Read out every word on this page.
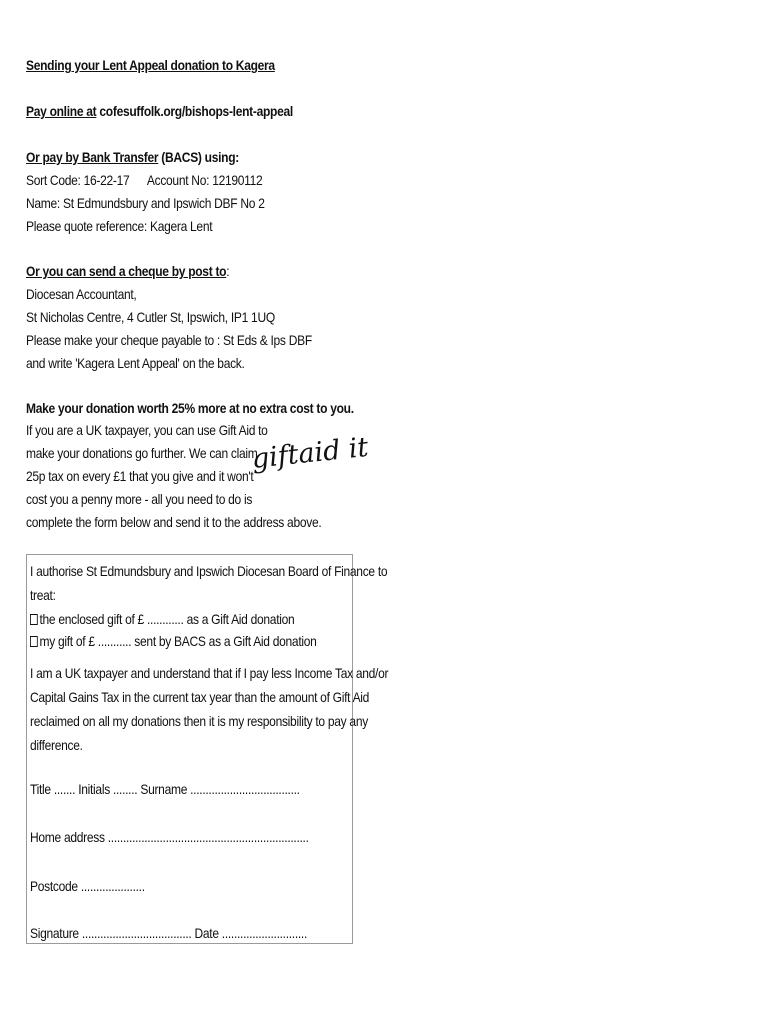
Sending your Lent Appeal donation to Kagera
Pay online at cofesuffolk.org/bishops-lent-appeal
Or pay by Bank Transfer (BACS) using:
Sort Code: 16-22-17 Account No: 12190112
Name: St Edmundsbury and Ipswich DBF No 2
Please quote reference: Kagera Lent
Or you can send a cheque by post to:
Diocesan Accountant,
St Nicholas Centre, 4 Cutler St, Ipswich, IP1 1UQ
Please make your cheque payable to : St Eds & Ips DBF
and write 'Kagera Lent Appeal' on the back.
Make your donation worth 25% more at no extra cost to you.
If you are a UK taxpayer, you can use Gift Aid to
make your donations go further. We can claim
25p tax on every £1 that you give and it won't
cost you a penny more - all you need to do is
complete the form below and send it to the address above.
giftaid it
I authorise St Edmundsbury and Ipswich Diocesan Board of Finance to
treat:
the enclosed gift of £ ............ as a Gift Aid donation
my gift of £ ........... sent by BACS as a Gift Aid donation
I am a UK taxpayer and understand that if I pay less Income Tax and/or
Capital Gains Tax in the current tax year than the amount of Gift Aid
reclaimed on all my donations then it is my responsibility to pay any
difference.
Title ....... Initials ........ Surname ....................................
Home address ..................................................................
Postcode .....................
Signature .................................... Date ............................
